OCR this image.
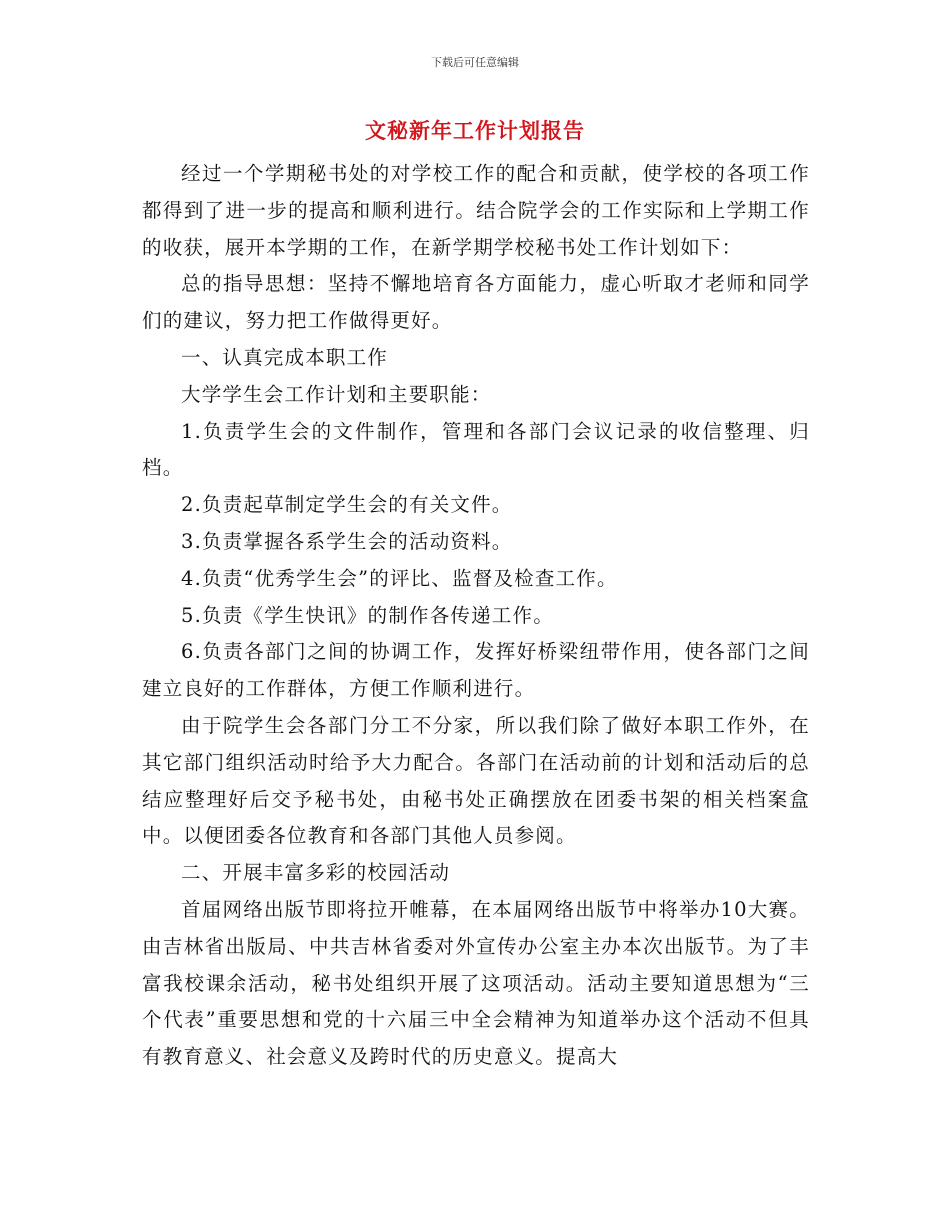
下载后可任意编辑
文秘新年工作计划报告

经过一个学期秘书处的对学校工作的配合和贡献，使学校的各项工作都得到了进一步的提高和顺利进行。结合院学会的工作实际和上学期工作的收获，展开本学期的工作，在新学期学校秘书处工作计划如下：

总的指导思想：坚持不懈地培育各方面能力，虚心听取才老师和同学们的建议，努力把工作做得更好。

一、认真完成本职工作

大学学生会工作计划和主要职能：

1.负责学生会的文件制作，管理和各部门会议记录的收信整理、归档。

2.负责起草制定学生会的有关文件。

3.负责掌握各系学生会的活动资料。

4.负责“优秀学生会”的评比、监督及检查工作。

5.负责《学生快讯》的制作各传递工作。

6.负责各部门之间的协调工作，发挥好桥梁纽带作用，使各部门之间建立良好的工作群体，方便工作顺利进行。

由于院学生会各部门分工不分家，所以我们除了做好本职工作外，在其它部门组织活动时给予大力配合。各部门在活动前的计划和活动后的总结应整理好后交予秘书处，由秘书处正确摆放在团委书架的相关档案盒中。以便团委各位教育和各部门其他人员参阅。

二、开展丰富多彩的校园活动

首届网络出版节即将拉开帷幕，在本届网络出版节中将举办10大赛。由吉林省出版局、中共吉林省委对外宣传办公室主办本次出版节。为了丰富我校课余活动，秘书处组织开展了这项活动。活动主要知道思想为“三个代表”重要思想和党的十六届三中全会精神为知道举办这个活动不但具有教育意义、社会意义及跨时代的历史意义。提高大
